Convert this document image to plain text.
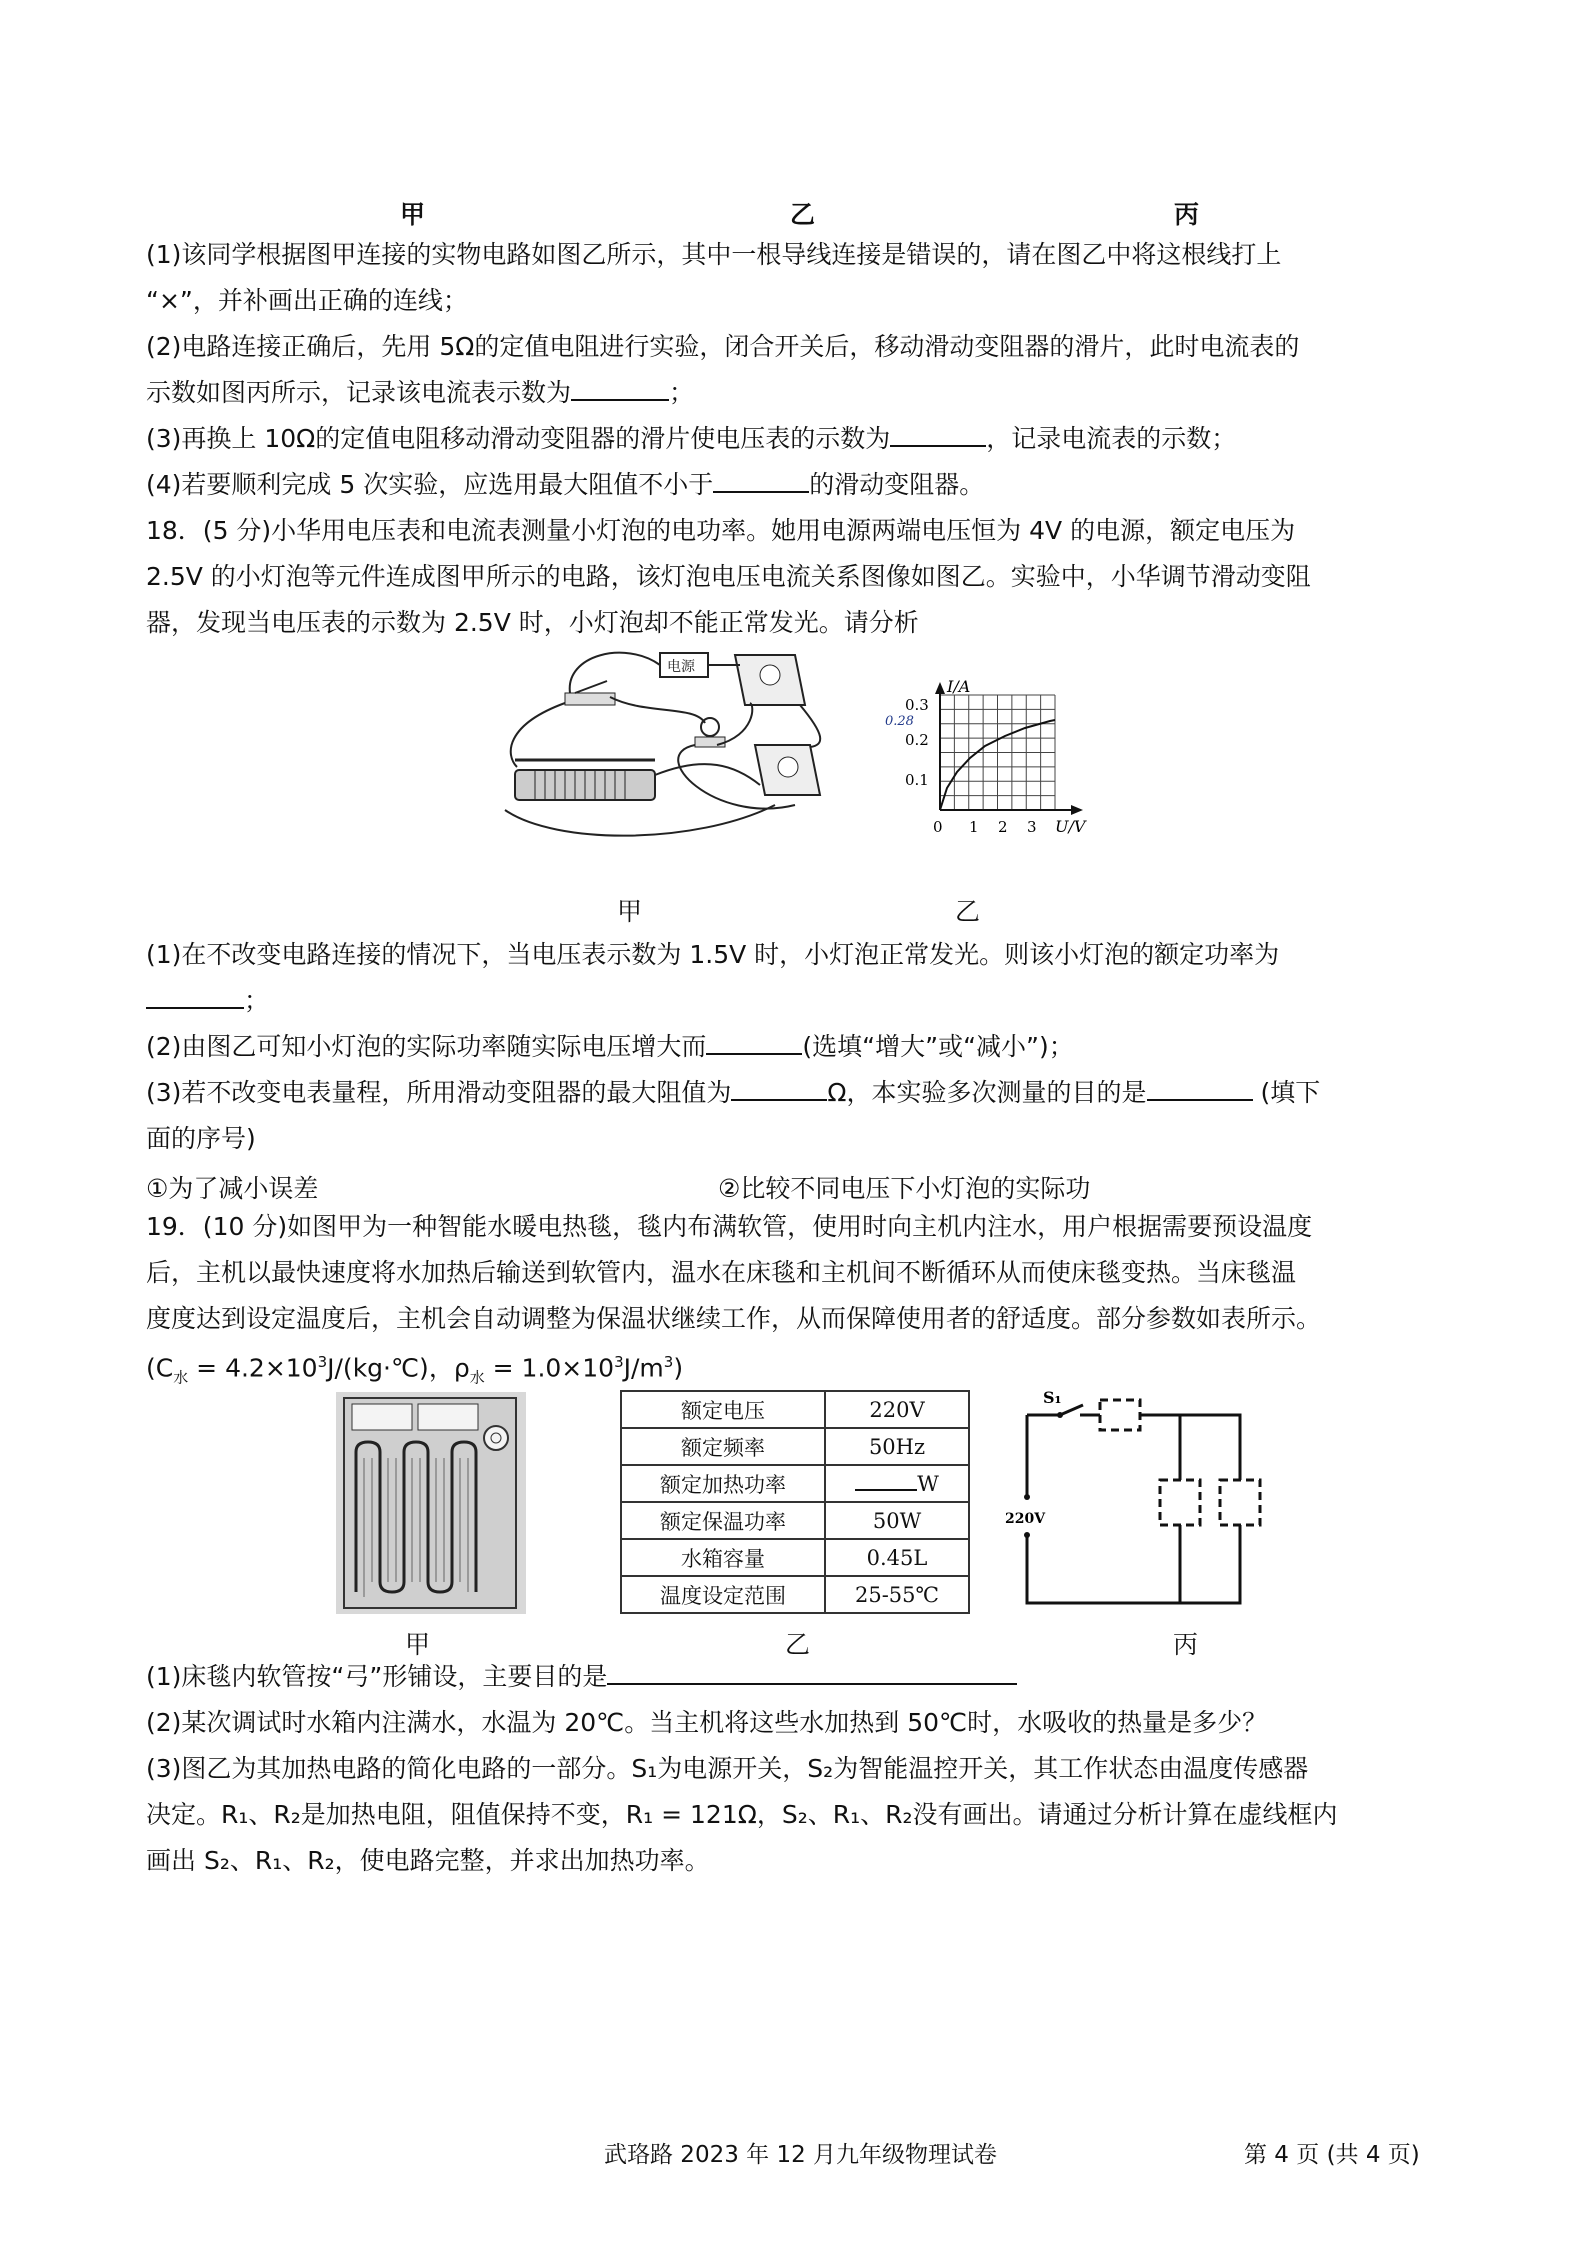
甲	乙	丙
(1)该同学根据图甲连接的实物电路如图乙所示，其中一根导线连接是错误的，请在图乙中将这根线打上
“×”，并补画出正确的连线；
(2)电路连接正确后，先用 5Ω的定值电阻进行实验，闭合开关后，移动滑动变阻器的滑片，此时电流表的
示数如图丙所示，记录该电流表示数为	；
(3)再换上 10Ω的定值电阻移动滑动变阻器的滑片使电压表的示数为	，记录电流表的示数；
(4)若要顺利完成 5 次实验，应选用最大阻值不小于	的滑动变阻器。
18．(5 分)小华用电压表和电流表测量小灯泡的电功率。她用电源两端电压恒为 4V 的电源，额定电压为
2.5V 的小灯泡等元件连成图甲所示的电路，该灯泡电压电流关系图像如图乙。实验中，小华调节滑动变阻
器，发现当电压表的示数为 2.5V 时，小灯泡却不能正常发光。请分析
电源
I/A
U/V
0 1 2 3
0.1
0.2
0.3
0.28
甲	乙
(1)在不改变电路连接的情况下，当电压表示数为 1.5V 时，小灯泡正常发光。则该小灯泡的额定功率为
；
(2)由图乙可知小灯泡的实际功率随实际电压增大而	(选填“增大”或“减小”)；
(3)若不改变电表量程，所用滑动变阻器的最大阻值为	Ω，本实验多次测量的目的是	(填下
面的序号)
①为了减小误差	②比较不同电压下小灯泡的实际功
19．(10 分)如图甲为一种智能水暖电热毯，毯内布满软管，使用时向主机内注水，用户根据需要预设温度
后，主机以最快速度将水加热后输送到软管内，温水在床毯和主机间不断循环从而使床毯变热。当床毯温
度度达到设定温度后，主机会自动调整为保温状继续工作，从而保障使用者的舒适度。部分参数如表所示。
($C_水$ = $4.2\times 10^3J/(kg\cdot℃)$，$\rho_水 = 1.0\times 10^3J/m^3$)
额定电压	220V
额定频率	50Hz
额定加热功率	W
额定保温功率	50W
水箱容量	0.45L
温度设定范围	25-55℃
S₁
220V
甲	乙	丙
(1)床毯内软管按“弓”形铺设，主要目的是
(2)某次调试时水箱内注满水，水温为 20℃。当主机将这些水加热到 50℃时，水吸收的热量是多少？
(3)图乙为其加热电路的简化电路的一部分。S₁为电源开关，S₂为智能温控开关，其工作状态由温度传感器
决定。R₁、R₂是加热电阻，阻值保持不变，R₁ = 121Ω，S₂、R₁、R₂没有画出。请通过分析计算在虚线框内
画出 S₂、R₁、R₂，使电路完整，并求出加热功率。
武珞路 2023 年 12 月九年级物理试卷	第 4 页 (共 4 页)
